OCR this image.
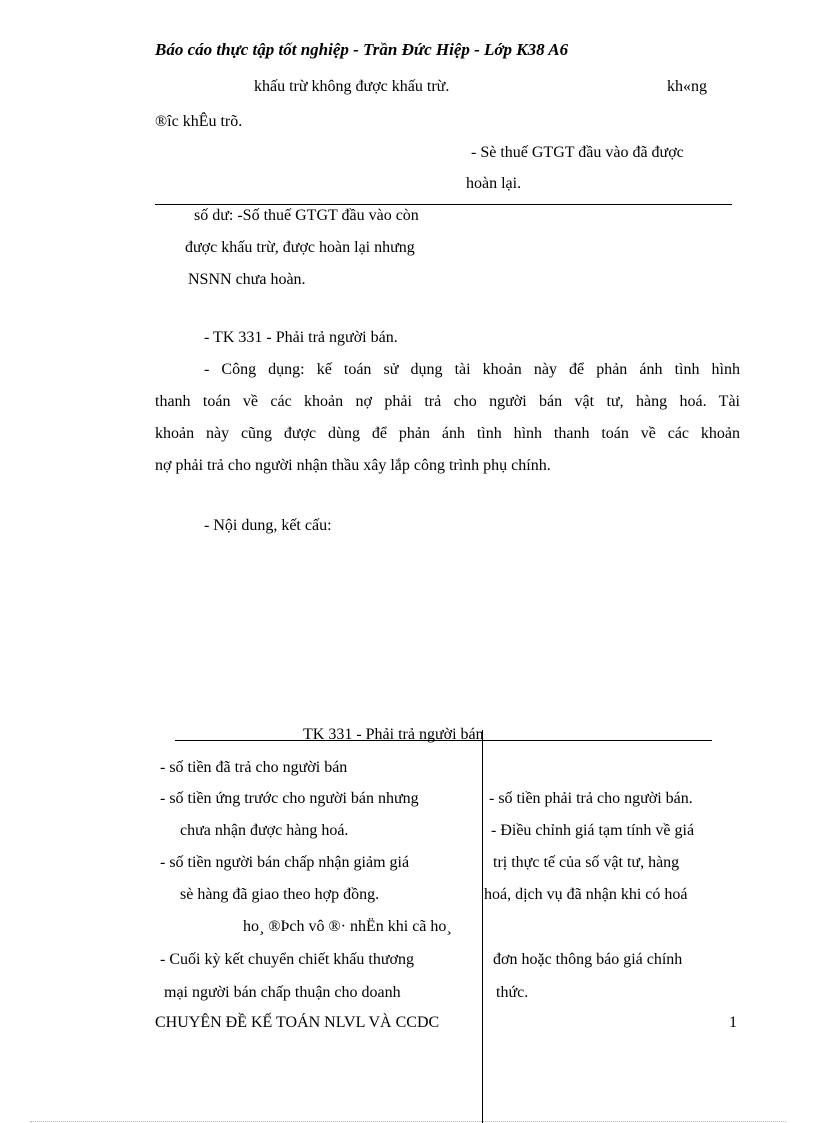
Báo cáo thực tập tốt nghiệp - Trần Đức Hiệp - Lớp K38 A6
khấu trừ không được khấu trừ.	kh«ng
®îc khÊu trõ.
- Sè thuế GTGT đầu vào đã được
hoàn lại.
số dư: -Số thuế GTGT đầu vào còn
được khấu trừ, được hoàn lại nhưng
NSNN chưa hoàn.
- TK 331 - Phải trả người bán.
- Công dụng: kế toán sử dụng tài khoản này để phản ánh tình hình
thanh toán về các khoản nợ phải trả cho người bán vật tư, hàng hoá. Tài
khoản này cũng được dùng để phản ánh tình hình thanh toán về các khoản
nợ phải trả cho người nhận thầu xây lắp công trình phụ chính.
- Nội dung, kết cấu:
TK 331 - Phải trả người bán
- số tiền đã trả cho người bán
- số tiền ứng trước cho người bán nhưng
chưa nhận được hàng hoá.
- số tiền người bán chấp nhận giảm giá
sè hàng đã giao theo hợp đồng.
ho¸ ®Þch vô ®· nhËn khi cã ho¸
- Cuối kỳ kết chuyển chiết khấu thương
mại người bán chấp thuận cho doanh
- số tiền phải trả cho người bán.
- Điều chỉnh giá tạm tính về giá
trị thực tế của số vật tư, hàng
hoá, dịch vụ đã nhận khi có hoá
đơn hoặc thông báo giá chính
thức.
CHUYÊN ĐỀ KẾ TOÁN NLVL VÀ CCDC	1
